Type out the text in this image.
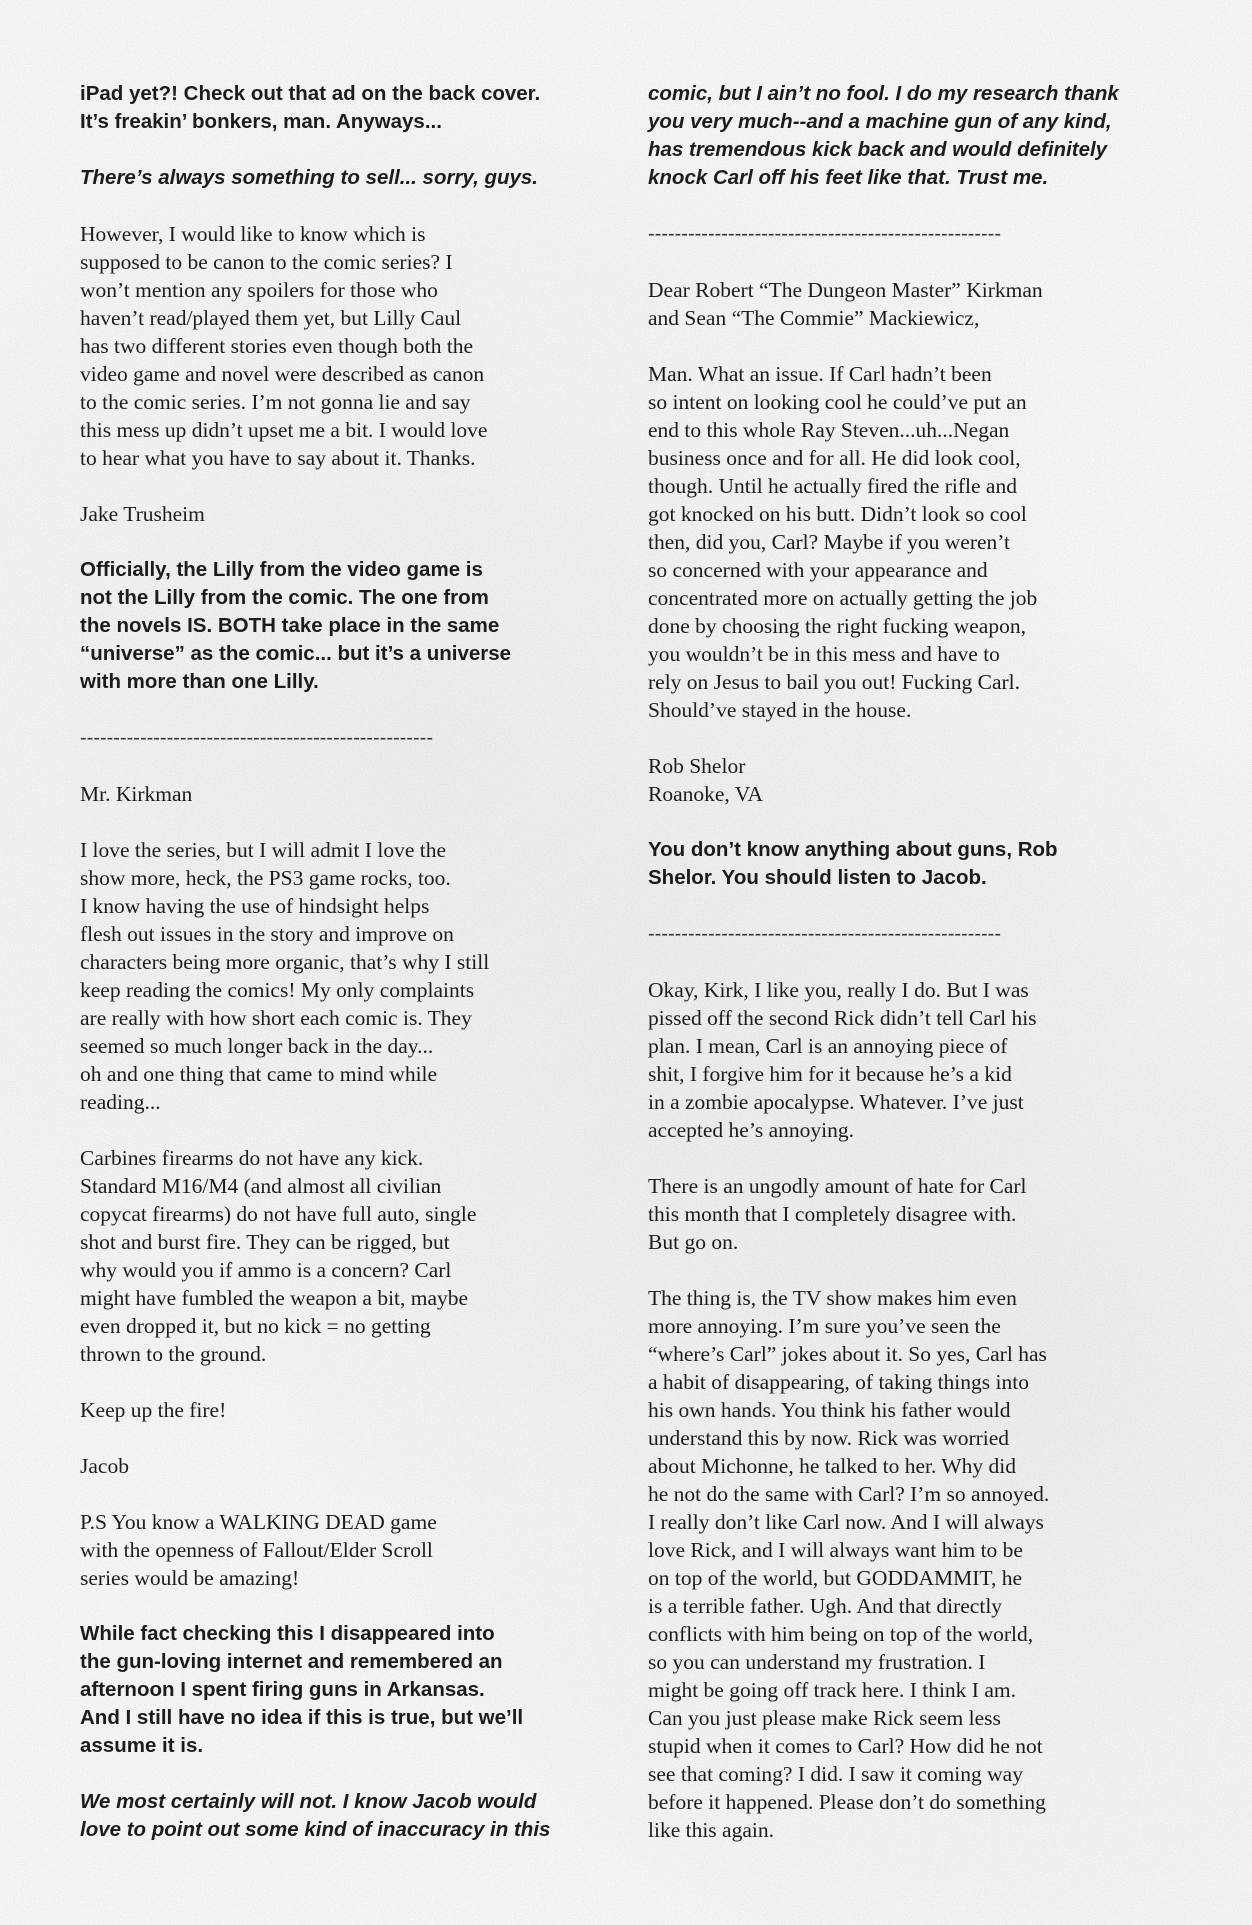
iPad yet?! Check out that ad on the back cover.
It’s freakin’ bonkers, man. Anyways...
There’s always something to sell... sorry, guys.
However, I would like to know which is
supposed to be canon to the comic series? I
won’t mention any spoilers for those who
haven’t read/played them yet, but Lilly Caul
has two different stories even though both the
video game and novel were described as canon
to the comic series. I’m not gonna lie and say
this mess up didn’t upset me a bit. I would love
to hear what you have to say about it. Thanks.
Jake Trusheim
Officially, the Lilly from the video game is
not the Lilly from the comic. The one from
the novels IS. BOTH take place in the same
“universe” as the comic... but it’s a universe
with more than one Lilly.
-----------------------------------------------------
Mr. Kirkman
I love the series, but I will admit I love the
show more, heck, the PS3 game rocks, too.
I know having the use of hindsight helps
flesh out issues in the story and improve on
characters being more organic, that’s why I still
keep reading the comics! My only complaints
are really with how short each comic is. They
seemed so much longer back in the day...
oh and one thing that came to mind while
reading...
Carbines firearms do not have any kick.
Standard M16/M4 (and almost all civilian
copycat firearms) do not have full auto, single
shot and burst fire. They can be rigged, but
why would you if ammo is a concern? Carl
might have fumbled the weapon a bit, maybe
even dropped it, but no kick = no getting
thrown to the ground.
Keep up the fire!
Jacob
P.S You know a WALKING DEAD game
with the openness of Fallout/Elder Scroll
series would be amazing!
While fact checking this I disappeared into
the gun-loving internet and remembered an
afternoon I spent firing guns in Arkansas.
And I still have no idea if this is true, but we’ll
assume it is.
We most certainly will not. I know Jacob would
love to point out some kind of inaccuracy in this
comic, but I ain’t no fool. I do my research thank
you very much--and a machine gun of any kind,
has tremendous kick back and would definitely
knock Carl off his feet like that. Trust me.
-----------------------------------------------------
Dear Robert “The Dungeon Master” Kirkman
and Sean “The Commie” Mackiewicz,
Man. What an issue. If Carl hadn’t been
so intent on looking cool he could’ve put an
end to this whole Ray Steven...uh...Negan
business once and for all. He did look cool,
though. Until he actually fired the rifle and
got knocked on his butt. Didn’t look so cool
then, did you, Carl? Maybe if you weren’t
so concerned with your appearance and
concentrated more on actually getting the job
done by choosing the right fucking weapon,
you wouldn’t be in this mess and have to
rely on Jesus to bail you out! Fucking Carl.
Should’ve stayed in the house.
Rob Shelor
Roanoke, VA
You don’t know anything about guns, Rob
Shelor. You should listen to Jacob.
-----------------------------------------------------
Okay, Kirk, I like you, really I do. But I was
pissed off the second Rick didn’t tell Carl his
plan. I mean, Carl is an annoying piece of
shit, I forgive him for it because he’s a kid
in a zombie apocalypse. Whatever. I’ve just
accepted he’s annoying.
There is an ungodly amount of hate for Carl
this month that I completely disagree with.
But go on.
The thing is, the TV show makes him even
more annoying. I’m sure you’ve seen the
“where’s Carl” jokes about it. So yes, Carl has
a habit of disappearing, of taking things into
his own hands. You think his father would
understand this by now. Rick was worried
about Michonne, he talked to her. Why did
he not do the same with Carl? I’m so annoyed.
I really don’t like Carl now. And I will always
love Rick, and I will always want him to be
on top of the world, but GODDAMMIT, he
is a terrible father. Ugh. And that directly
conflicts with him being on top of the world,
so you can understand my frustration. I
might be going off track here. I think I am.
Can you just please make Rick seem less
stupid when it comes to Carl? How did he not
see that coming? I did. I saw it coming way
before it happened. Please don’t do something
like this again.
